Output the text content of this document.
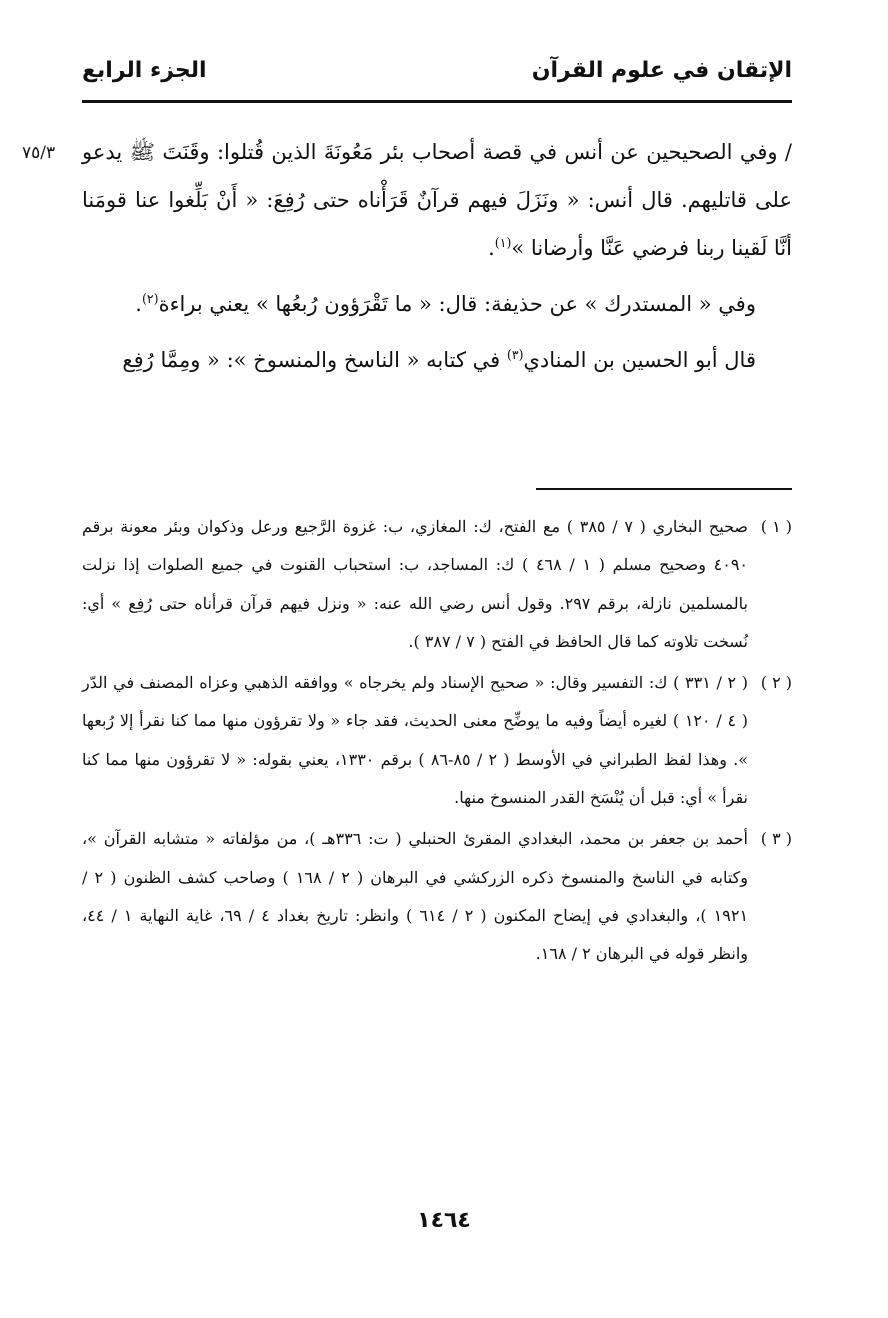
الإتقان في علوم القرآن
الجزء الرابع
٧٥/٣	/ وفي الصحيحين عن أنس في قصة أصحاب بئر مَعُونَةَ الذين قُتلوا: وقَنَتَ ﷺ يدعو على قاتليهم. قال أنس: « ونَزَلَ فيهم قرآنٌ قَرَأْناه حتى رُفِعَ: « أَنْ بَلِّغوا عنا قومَنا أنَّا لَقينا ربنا فرضي عَنَّا وأرضانا »$^{(١)}$.

وفي « المستدرك » عن حذيفة: قال: « ما تَقْرَؤون رُبعُها » يعني براءة$^{(٢)}$.

قال أبو الحسين بن المنادي$^{(٣)}$ في كتابه « الناسخ والمنسوخ »: « ومِمَّا رُفِع

( ١ )
صحيح البخاري ( ٧ / ٣٨٥ ) مع الفتح، ك: المغازي، ب: غزوة الرَّجيع ورعل وذكوان وبئر معونة برقم ٤٠٩٠ وصحيح مسلم ( ١ / ٤٦٨ ) ك: المساجد، ب: استحباب القنوت في جميع الصلوات إذا نزلت بالمسلمين نازلة، برقم ٢٩٧. وقول أنس رضي الله عنه: « ونزل فيهم قرآن قرأناه حتى رُفِع » أي: نُسخت تلاوته كما قال الحافظ في الفتح ( ٧ / ٣٨٧ ).
( ٢ )
( ٢ / ٣٣١ ) ك: التفسير وقال: « صحيح الإسناد ولم يخرجاه » ووافقه الذهبي وعزاه المصنف في الدّر ( ٤ / ١٢٠ ) لغيره أيضاً وفيه ما يوضِّح معنى الحديث، فقد جاء « ولا تقرؤون منها مما كنا نقرأ إلا رُبعها ». وهذا لفظ الطبراني في الأوسط ( ٢ / ٨٥-٨٦ ) برقم ١٣٣٠، يعني بقوله: « لا تقرؤون منها مما كنا نقرأ » أي: قبل أن يُنْسَخ القدر المنسوخ منها.
( ٣ )
أحمد بن جعفر بن محمد، البغدادي المقرئ الحنبلي ( ت: ٣٣٦هـ )، من مؤلفاته « متشابه القرآن »، وكتابه في الناسخ والمنسوخ ذكره الزركشي في البرهان ( ٢ / ١٦٨ ) وصاحب كشف الظنون ( ٢ / ١٩٢١ )، والبغدادي في إيضاح المكنون ( ٢ / ٦١٤ ) وانظر: تاريخ بغداد ٤ / ٦٩، غاية النهاية ١ / ٤٤، وانظر قوله في البرهان ٢ / ١٦٨.
١٤٦٤
